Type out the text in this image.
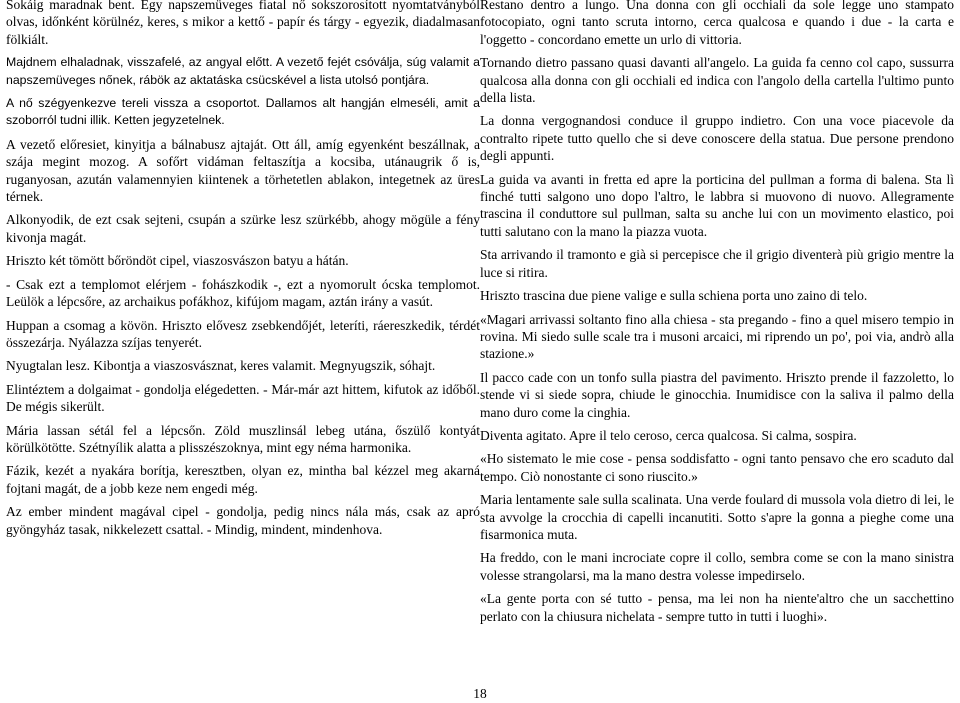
Sokáig maradnak bent. Egy napszemüveges fiatal nő sokszorosított nyomtatványból olvas, időnként körülnéz, keres, s mikor a kettő - papír és tárgy - egyezik, diadalmasan fölkiált.

Majdnem elhaladnak, visszafelé, az angyal előtt. A vezető fejét csóválja, súg valamit a napszemüveges nőnek, rábök az aktatáska csücskével a lista utolsó pontjára.

A nő szégyenkezve tereli vissza a csoportot. Dallamos alt hangján elmeséli, amit a szoborról tudni illik. Ketten jegyzetelnek.

A vezető előresiet, kinyitja a bálnabusz ajtaját. Ott áll, amíg egyenként beszállnak, a szája megint mozog. A sofőrt vidáman feltaszítja a kocsiba, utánaugrik ő is, ruganyosan, azután valamennyien kiintenek a törhetetlen ablakon, integetnek az üres térnek.

Alkonyodik, de ezt csak sejteni, csupán a szürke lesz szürkébb, ahogy mögüle a fény kivonja magát.

Hriszto két tömött bőröndöt cipel, viaszosvászon batyu a hátán.

- Csak ezt a templomot elérjem - fohászkodik -, ezt a nyomorult ócska templomot. Leülök a lépcsőre, az archaikus pofákhoz, kifújom magam, aztán irány a vasút.

Huppan a csomag a kövön. Hriszto elővesz zsebkendőjét, leteríti, ráereszkedik, térdét összezárja. Nyálazza szíjas tenyerét.

Nyugtalan lesz. Kibontja a viaszosvásznat, keres valamit. Megnyugszik, sóhajt.

Elintéztem a dolgaimat - gondolja elégedetten. - Már-már azt hittem, kifutok az időből. De mégis sikerült.

Mária lassan sétál fel a lépcsőn. Zöld muszlinsál lebeg utána, őszülő kontyát körülkötötte. Szétnyílik alatta a plisszészoknya, mint egy néma harmonika.

Fázik, kezét a nyakára borítja, keresztben, olyan ez, mintha bal kézzel meg akarná fojtani magát, de a jobb keze nem engedi még.

Az ember mindent magával cipel - gondolja, pedig nincs nála más, csak az apró gyöngyház tasak, nikkelezett csattal. - Mindig, mindent, mindenhova.

Restano dentro a lungo. Una donna con gli occhiali da sole legge uno stampato fotocopiato, ogni tanto scruta intorno, cerca qualcosa e quando i due - la carta e l'oggetto - concordano emette un urlo di vittoria.

Tornando dietro passano quasi davanti all'angelo. La guida fa cenno col capo, sussurra qualcosa alla donna con gli occhiali ed indica con l'angolo della cartella l'ultimo punto della lista.

La donna vergognandosi conduce il gruppo indietro. Con una voce piacevole da contralto ripete tutto quello che si deve conoscere della statua. Due persone prendono degli appunti.

La guida va avanti in fretta ed apre la porticina del pullman a forma di balena. Sta lì finché tutti salgono uno dopo l'altro, le labbra si muovono di nuovo. Allegramente trascina il conduttore sul pullman, salta su anche lui con un movimento elastico, poi tutti salutano con la mano la piazza vuota.

Sta arrivando il tramonto e già si percepisce che il grigio diventerà più grigio mentre la luce si ritira.

Hriszto trascina due piene valige e sulla schiena porta uno zaino di telo.

«Magari arrivassi soltanto fino alla chiesa - sta pregando - fino a quel misero tempio in rovina. Mi siedo sulle scale tra i musoni arcaici, mi riprendo un po', poi via, andrò alla stazione.»

Il pacco cade con un tonfo sulla piastra del pavimento. Hriszto prende il fazzoletto, lo stende vi si siede sopra, chiude le ginocchia. Inumidisce con la saliva il palmo della mano duro come la cinghia.

Diventa agitato. Apre il telo ceroso, cerca qualcosa. Si calma, sospira.

«Ho sistemato le mie cose - pensa soddisfatto - ogni tanto pensavo che ero scaduto dal tempo. Ciò nonostante ci sono riuscito.»

Maria lentamente sale sulla scalinata. Una verde foulard di mussola vola dietro di lei, le sta avvolge la crocchia di capelli incanutiti. Sotto s'apre la gonna a pieghe come una fisarmonica muta.

Ha freddo, con le mani incrociate copre il collo, sembra come se con la mano sinistra volesse strangolarsi, ma la mano destra volesse impedirselo.

«La gente porta con sé tutto - pensa, ma lei non ha niente'altro che un sacchettino perlato con la chiusura nichelata - sempre tutto in tutti i luoghi».

18
